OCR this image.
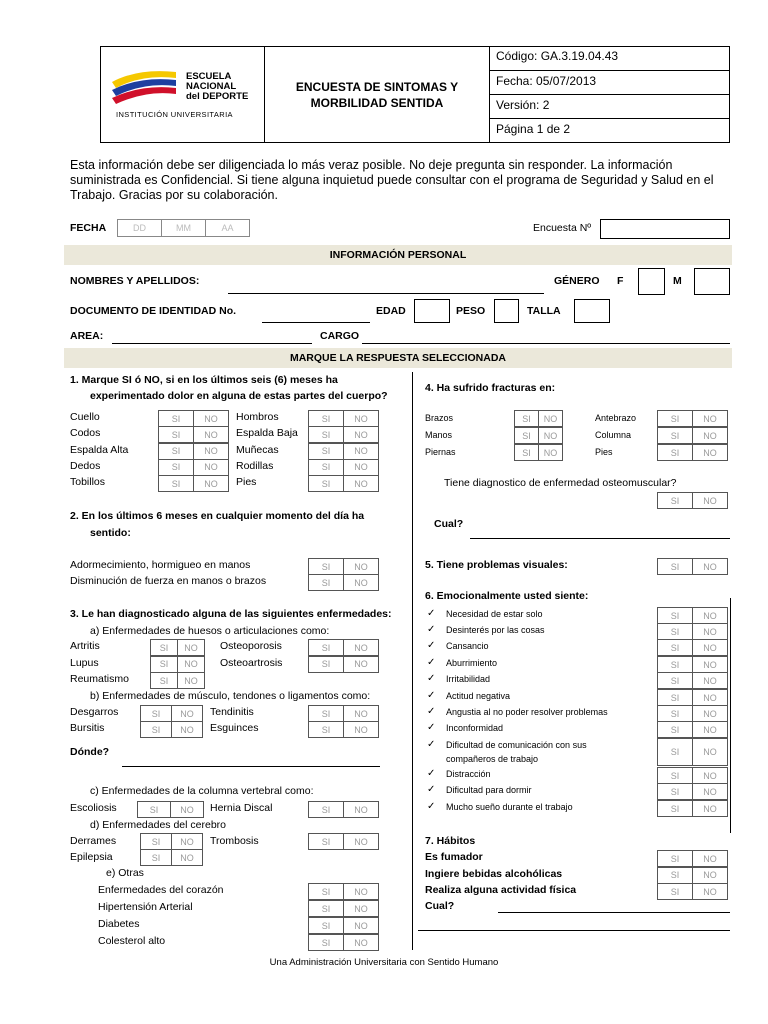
ESCUELA
NACIONAL
del DEPORTE
INSTITUCIÓN UNIVERSITARIA
ENCUESTA DE SINTOMAS Y MORBILIDAD SENTIDA
Código: GA.3.19.04.43
Fecha: 05/07/2013
Versión: 2
Página 1 de 2
Esta información debe ser diligenciada lo más veraz posible. No deje pregunta sin responder. La información suministrada es Confidencial. Si tiene alguna inquietud puede consultar con el programa de Seguridad y Salud en el Trabajo. Gracias por su colaboración.
FECHA	DD	MM	AA	Encuesta Nº
INFORMACIÓN PERSONAL
NOMBRES Y APELLIDOS:	GÉNERO F	M
DOCUMENTO DE IDENTIDAD No.	EDAD	PESO	TALLA
AREA:	CARGO
MARQUE LA RESPUESTA SELECCIONADA
1. Marque SI ó NO, si en los últimos seis (6) meses ha
experimentado dolor en alguna de estas partes del cuerpo?
2. En los últimos 6 meses en cualquier momento del día ha
sentido:
3. Le han diagnosticado alguna de las siguientes enfermedades:
a) Enfermedades de huesos o articulaciones como:
b) Enfermedades de músculo, tendones o ligamentos como:
Dónde?
c) Enfermedades de la columna vertebral como:
d) Enfermedades del cerebro
e) Otras
4. Ha sufrido fracturas en:
Tiene diagnostico de enfermedad osteomuscular?
Cual?
5. Tiene problemas visuales:
6. Emocionalmente usted siente:
7. Hábitos
Cual?
Una Administración Universitaria con Sentido Humano
Cuello	SI	NO	Hombros	SI	NO
Codos	SI	NO	Espalda Baja	SI	NO
Espalda Alta	SI	NO	Muñecas	SI	NO
Dedos	SI	NO	Rodillas	SI	NO
Tobillos	SI	NO	Pies	SI	NO
Adormecimiento, hormigueo en manos	SI	NO
Disminución de fuerza en manos o brazos	SI	NO
Artritis	SI	NO
Lupus	SI	NO
Reumatismo	SI	NO
Osteoporosis	SI	NO
Osteoartrosis	SI	NO
Desgarros	SI	NO	Tendinitis	SI	NO
Bursitis	SI	NO	Esguinces	SI	NO
Escoliosis	SI	NO	Hernia Discal	SI	NO
Derrames	SI	NO
Epilepsia	SI	NO
Trombosis	SI	NO
Enfermedades del corazón	SI	NO
Hipertensión Arterial	SI	NO
Diabetes	SI	NO
Colesterol alto	SI	NO
Brazos	SI	NO	Antebrazo	SI	NO
Manos	SI	NO	Columna	SI	NO
Piernas	SI	NO	Pies	SI	NO
SI	NO
SI	NO
✓ Necesidad de estar solo	SI	NO
✓ Desinterés por las cosas	SI	NO
✓ Cansancio	SI	NO
✓ Aburrimiento	SI	NO
✓ Irritabilidad	SI	NO
✓ Actitud negativa	SI	NO
✓ Angustia al no poder resolver problemas	SI	NO
✓ Inconformidad	SI	NO
✓ Dificultad de comunicación con sus
compañeros de trabajo
SI	NO
✓ Distracción	SI	NO
✓ Dificultad para dormir	SI	NO
✓ Mucho sueño durante el trabajo	SI	NO
Es fumador	SI	NO
Ingiere bebidas alcohólicas	SI	NO
Realiza alguna actividad física	SI	NO
